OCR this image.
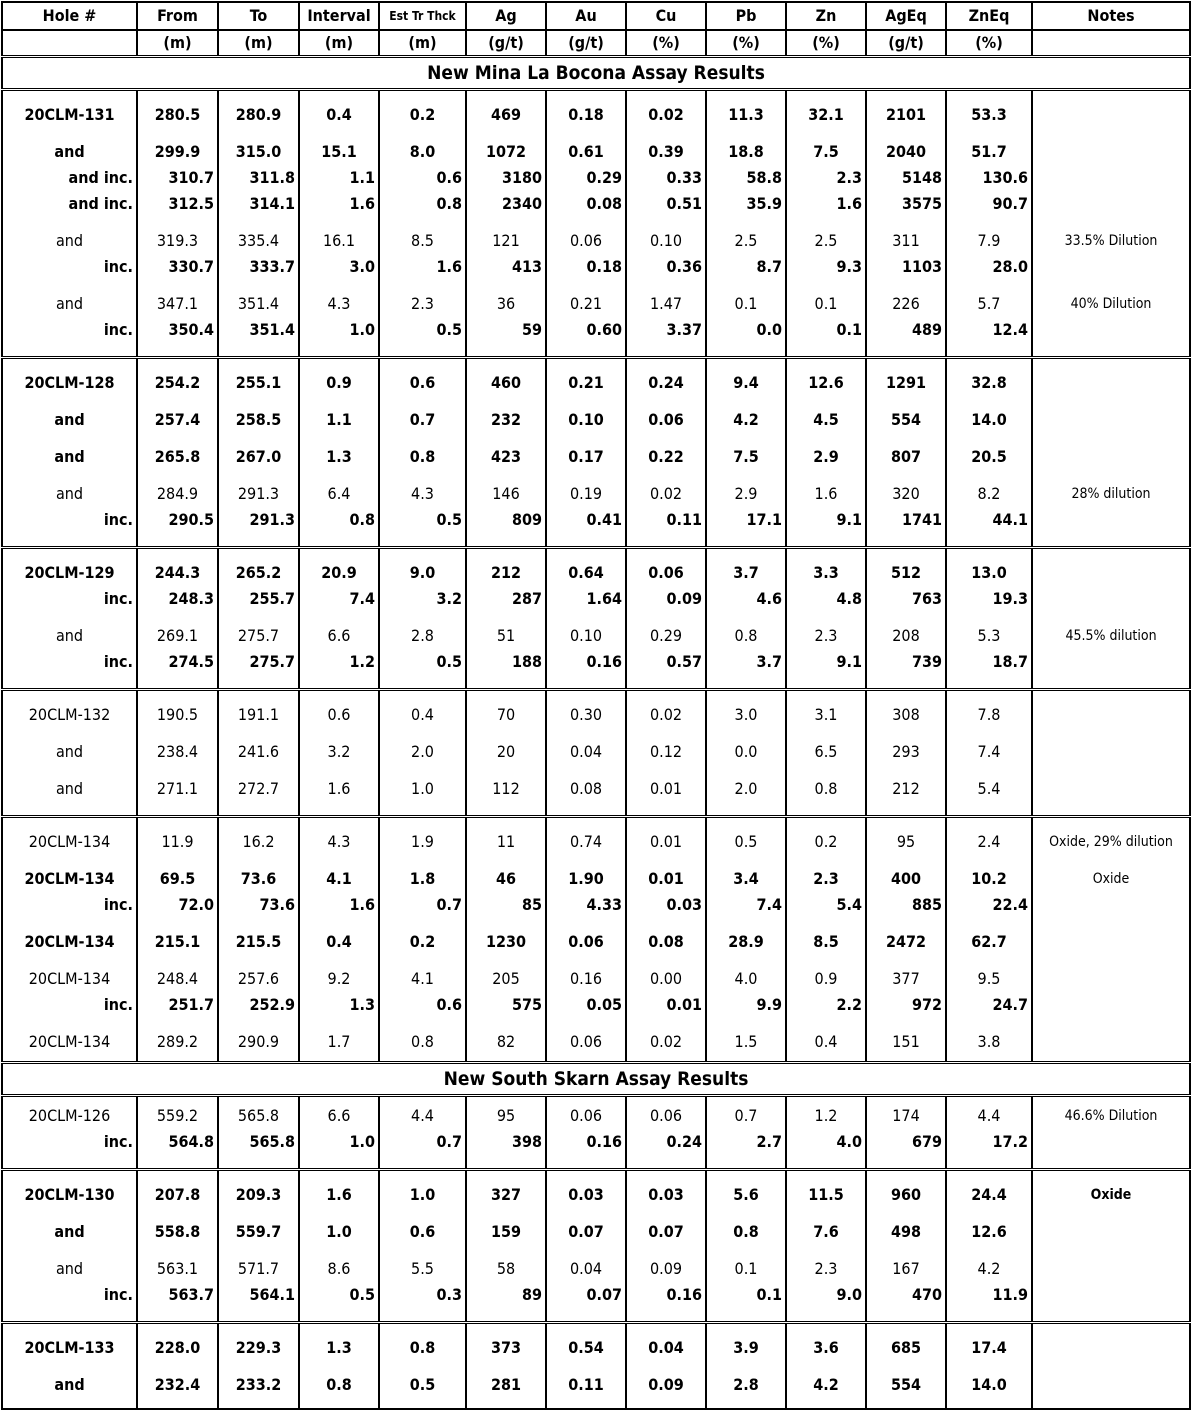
Hole #	From	To	Interval	Est Tr Thck	Ag	Au	Cu	Pb	Zn	AgEq	ZnEq	Notes
	(m)	(m)	(m)	(m)	(g/t)	(g/t)	(%)	(%)	(%)	(g/t)	(%)	
New Mina La Bocona Assay Results												

20CLM-131	280.5	280.9	0.4	0.2	469	0.18	0.02	11.3	32.1	2101	53.3	

and	299.9	315.0	15.1	8.0	1072	0.61	0.39	18.8	7.5	2040	51.7	
and inc.	310.7	311.8	1.1	0.6	3180	0.29	0.33	58.8	2.3	5148	130.6	
and inc.	312.5	314.1	1.6	0.8	2340	0.08	0.51	35.9	1.6	3575	90.7	

and	319.3	335.4	16.1	8.5	121	0.06	0.10	2.5	2.5	311	7.9	33.5% Dilution
inc.	330.7	333.7	3.0	1.6	413	0.18	0.36	8.7	9.3	1103	28.0	

and	347.1	351.4	4.3	2.3	36	0.21	1.47	0.1	0.1	226	5.7	40% Dilution
inc.	350.4	351.4	1.0	0.5	59	0.60	3.37	0.0	0.1	489	12.4	

20CLM-128	254.2	255.1	0.9	0.6	460	0.21	0.24	9.4	12.6	1291	32.8	

and	257.4	258.5	1.1	0.7	232	0.10	0.06	4.2	4.5	554	14.0	

and	265.8	267.0	1.3	0.8	423	0.17	0.22	7.5	2.9	807	20.5	

and	284.9	291.3	6.4	4.3	146	0.19	0.02	2.9	1.6	320	8.2	28% dilution
inc.	290.5	291.3	0.8	0.5	809	0.41	0.11	17.1	9.1	1741	44.1	

20CLM-129	244.3	265.2	20.9	9.0	212	0.64	0.06	3.7	3.3	512	13.0	
inc.	248.3	255.7	7.4	3.2	287	1.64	0.09	4.6	4.8	763	19.3	

and	269.1	275.7	6.6	2.8	51	0.10	0.29	0.8	2.3	208	5.3	45.5% dilution
inc.	274.5	275.7	1.2	0.5	188	0.16	0.57	3.7	9.1	739	18.7	

20CLM-132	190.5	191.1	0.6	0.4	70	0.30	0.02	3.0	3.1	308	7.8	

and	238.4	241.6	3.2	2.0	20	0.04	0.12	0.0	6.5	293	7.4	

and	271.1	272.7	1.6	1.0	112	0.08	0.01	2.0	0.8	212	5.4	

20CLM-134	11.9	16.2	4.3	1.9	11	0.74	0.01	0.5	0.2	95	2.4	Oxide, 29% dilution

20CLM-134	69.5	73.6	4.1	1.8	46	1.90	0.01	3.4	2.3	400	10.2	Oxide
inc.	72.0	73.6	1.6	0.7	85	4.33	0.03	7.4	5.4	885	22.4	

20CLM-134	215.1	215.5	0.4	0.2	1230	0.06	0.08	28.9	8.5	2472	62.7	

20CLM-134	248.4	257.6	9.2	4.1	205	0.16	0.00	4.0	0.9	377	9.5	
inc.	251.7	252.9	1.3	0.6	575	0.05	0.01	9.9	2.2	972	24.7	

20CLM-134	289.2	290.9	1.7	0.8	82	0.06	0.02	1.5	0.4	151	3.8	

New South Skarn Assay Results												

20CLM-126	559.2	565.8	6.6	4.4	95	0.06	0.06	0.7	1.2	174	4.4	46.6% Dilution
inc.	564.8	565.8	1.0	0.7	398	0.16	0.24	2.7	4.0	679	17.2	

20CLM-130	207.8	209.3	1.6	1.0	327	0.03	0.03	5.6	11.5	960	24.4	Oxide

and	558.8	559.7	1.0	0.6	159	0.07	0.07	0.8	7.6	498	12.6	

and	563.1	571.7	8.6	5.5	58	0.04	0.09	0.1	2.3	167	4.2	
inc.	563.7	564.1	0.5	0.3	89	0.07	0.16	0.1	9.0	470	11.9	

20CLM-133	228.0	229.3	1.3	0.8	373	0.54	0.04	3.9	3.6	685	17.4	

and	232.4	233.2	0.8	0.5	281	0.11	0.09	2.8	4.2	554	14.0	
